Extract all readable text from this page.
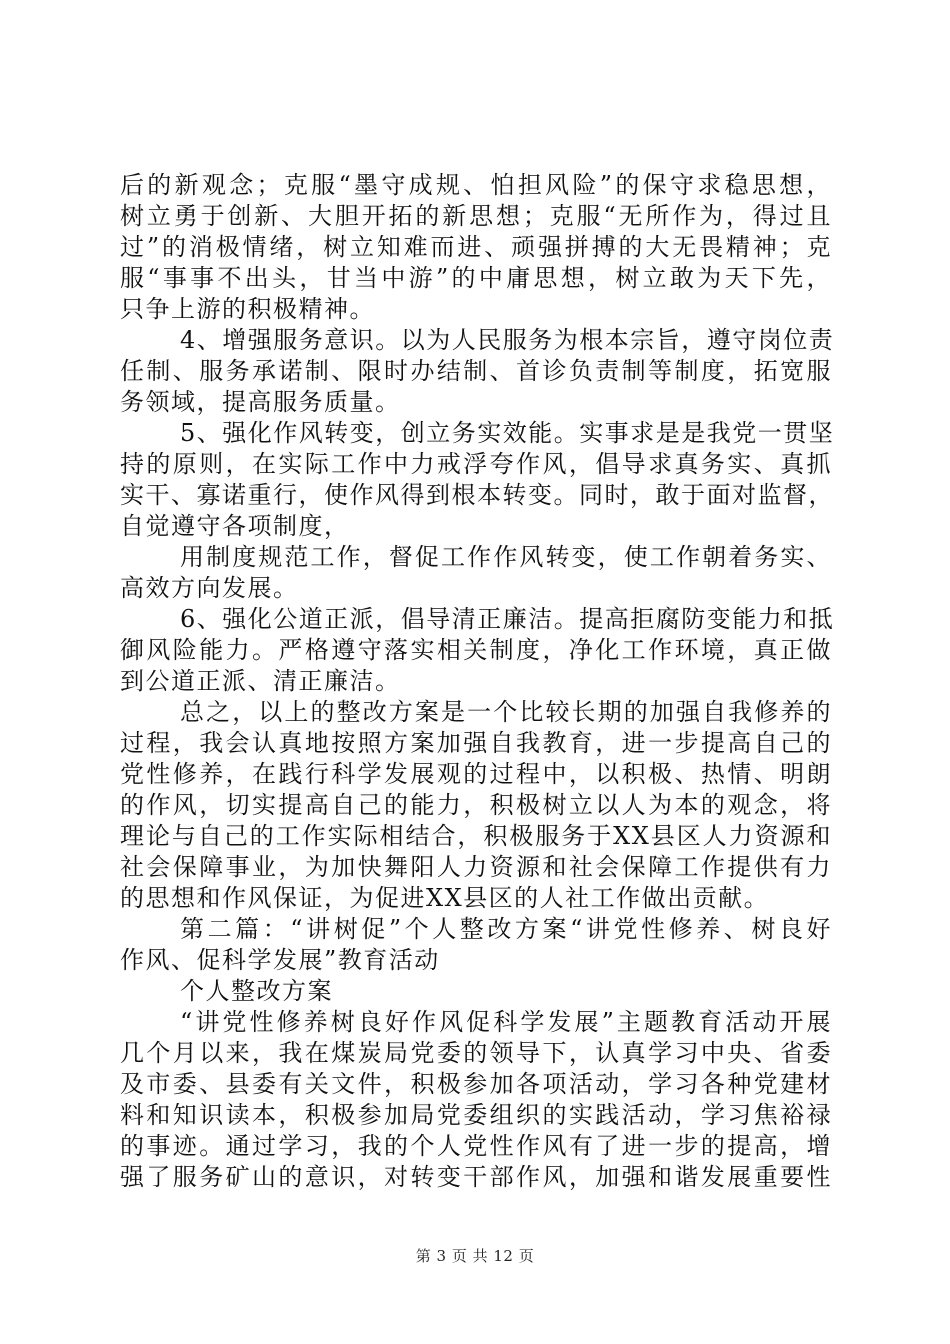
后的新观念；克服“墨守成规、怕担风险”的保守求稳思想，
树立勇于创新、大胆开拓的新思想；克服“无所作为，得过且
过”的消极情绪，树立知难而进、顽强拼搏的大无畏精神；克
服“事事不出头，甘当中游”的中庸思想，树立敢为天下先，
只争上游的积极精神。
4、增强服务意识。以为人民服务为根本宗旨，遵守岗位责
任制、服务承诺制、限时办结制、首诊负责制等制度，拓宽服
务领域，提高服务质量。
5、强化作风转变，创立务实效能。实事求是是我党一贯坚
持的原则，在实际工作中力戒浮夸作风，倡导求真务实、真抓
实干、寡诺重行，使作风得到根本转变。同时，敢于面对监督，
自觉遵守各项制度，
用制度规范工作，督促工作作风转变，使工作朝着务实、
高效方向发展。
6、强化公道正派，倡导清正廉洁。提高拒腐防变能力和抵
御风险能力。严格遵守落实相关制度，净化工作环境，真正做
到公道正派、清正廉洁。
总之，以上的整改方案是一个比较长期的加强自我修养的
过程，我会认真地按照方案加强自我教育，进一步提高自己的
党性修养，在践行科学发展观的过程中，以积极、热情、明朗
的作风，切实提高自己的能力，积极树立以人为本的观念，将
理论与自己的工作实际相结合，积极服务于XX县区人力资源和
社会保障事业，为加快舞阳人力资源和社会保障工作提供有力
的思想和作风保证，为促进XX县区的人社工作做出贡献。
第二篇：“讲树促”个人整改方案“讲党性修养、树良好
作风、促科学发展”教育活动
个人整改方案
“讲党性修养树良好作风促科学发展”主题教育活动开展
几个月以来，我在煤炭局党委的领导下，认真学习中央、省委
及市委、县委有关文件，积极参加各项活动，学习各种党建材
料和知识读本，积极参加局党委组织的实践活动，学习焦裕禄
的事迹。通过学习，我的个人党性作风有了进一步的提高，增
强了服务矿山的意识，对转变干部作风，加强和谐发展重要性
第 3 页 共 12 页
